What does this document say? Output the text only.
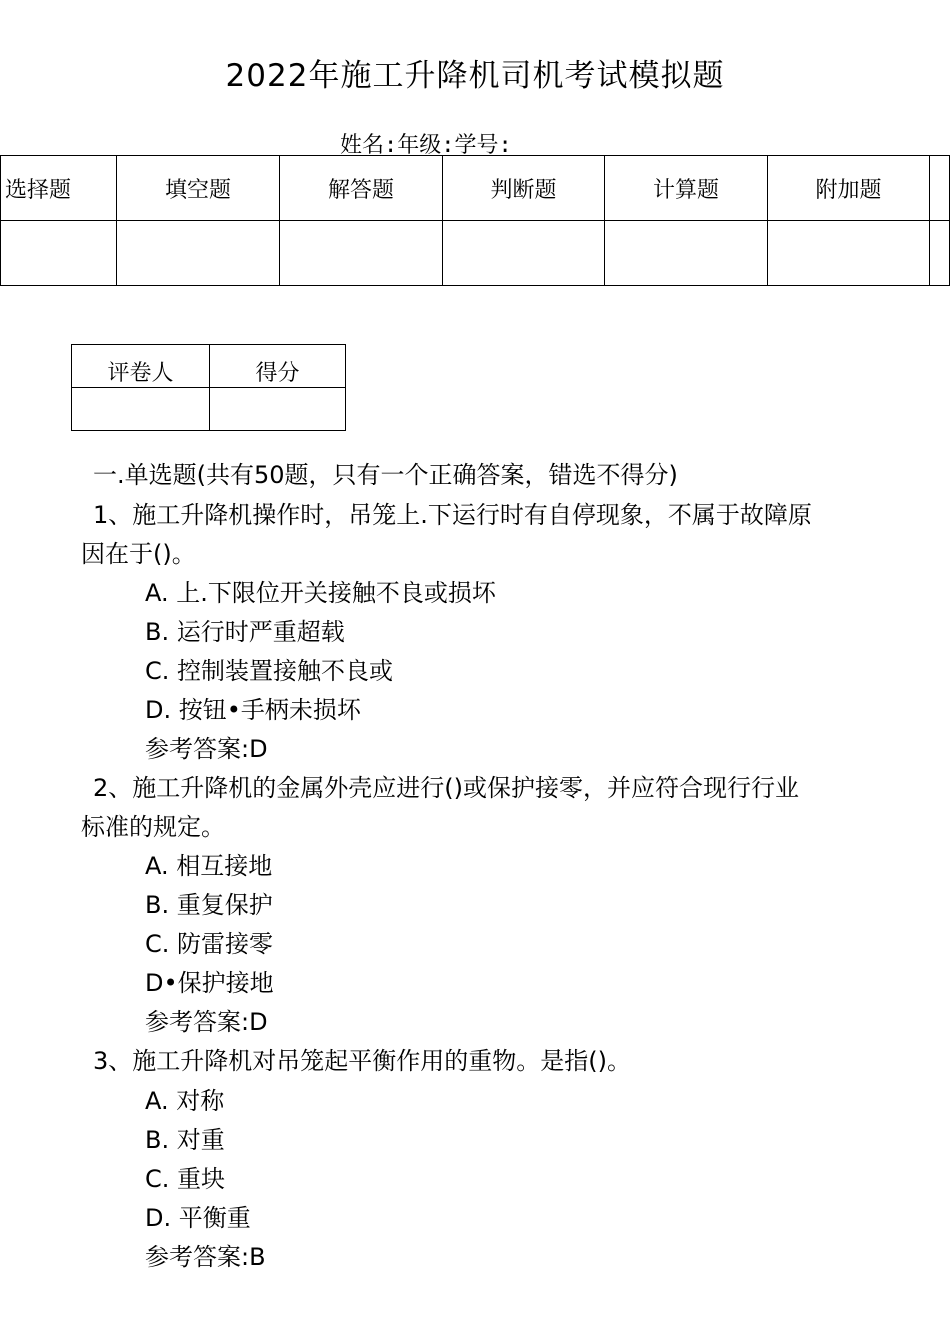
2022年施工升降机司机考试模拟题
姓名:年级:学号:
选择题	填空题	解答题	判断题	计算题	附加题	

评卷人	得分

一.单选题(共有50题，只有一个正确答案，错选不得分)
1、施工升降机操作时，吊笼上.下运行时有自停现象，不属于故障原
因在于()。
A. 上.下限位开关接触不良或损坏
B. 运行时严重超载
C. 控制装置接触不良或
D. 按钮•手柄未损坏
参考答案:D
2、施工升降机的金属外壳应进行()或保护接零，并应符合现行行业
标准的规定。
A. 相互接地
B. 重复保护
C. 防雷接零
D•保护接地
参考答案:D
3、施工升降机对吊笼起平衡作用的重物。是指()。
A. 对称
B. 对重
C. 重块
D. 平衡重
参考答案:B
